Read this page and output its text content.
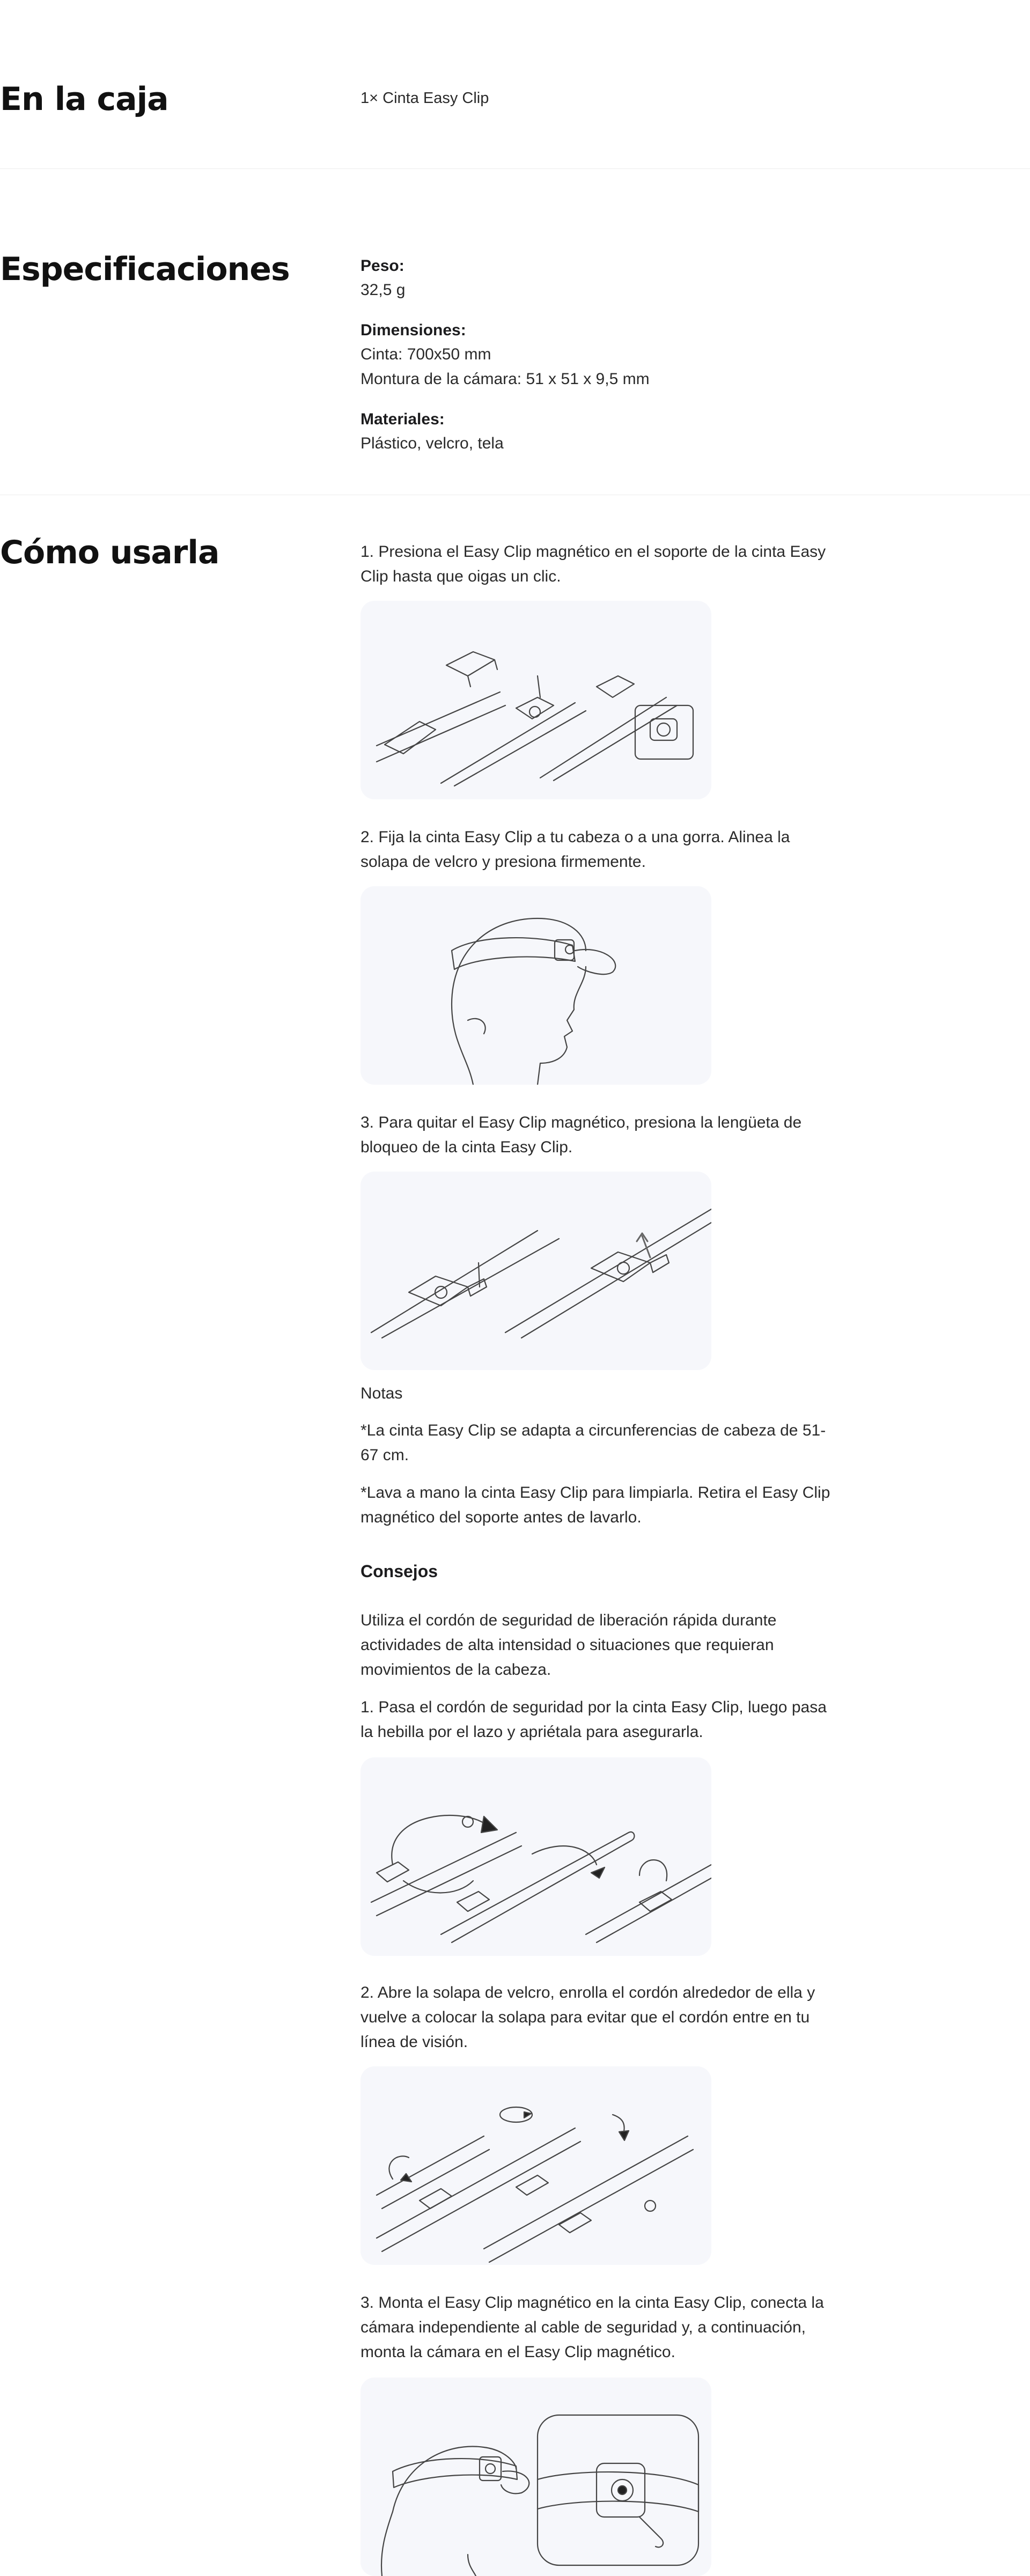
En la caja	1× Cinta Easy Clip
Especificaciones	Peso:
32,5 g
Dimensiones:
Cinta: 700x50 mm
Montura de la cámara: 51 x 51 x 9,5 mm
Materiales:
Plástico, velcro, tela
Cómo usarla	1. Presiona el Easy Clip magnético en el soporte de la cinta Easy Clip hasta que oigas un clic.
2. Fija la cinta Easy Clip a tu cabeza o a una gorra. Alinea la solapa de velcro y presiona firmemente.
3. Para quitar el Easy Clip magnético, presiona la lengüeta de bloqueo de la cinta Easy Clip.
Notas
*La cinta Easy Clip se adapta a circunferencias de cabeza de 51-67 cm.
*Lava a mano la cinta Easy Clip para limpiarla. Retira el Easy Clip magnético del soporte antes de lavarlo.
Consejos
Utiliza el cordón de seguridad de liberación rápida durante actividades de alta intensidad o situaciones que requieran movimientos de la cabeza.
1. Pasa el cordón de seguridad por la cinta Easy Clip, luego pasa la hebilla por el lazo y apriétala para asegurarla.
2. Abre la solapa de velcro, enrolla el cordón alrededor de ella y vuelve a colocar la solapa para evitar que el cordón entre en tu línea de visión.
3. Monta el Easy Clip magnético en la cinta Easy Clip, conecta la cámara independiente al cable de seguridad y, a continuación, monta la cámara en el Easy Clip magnético.
